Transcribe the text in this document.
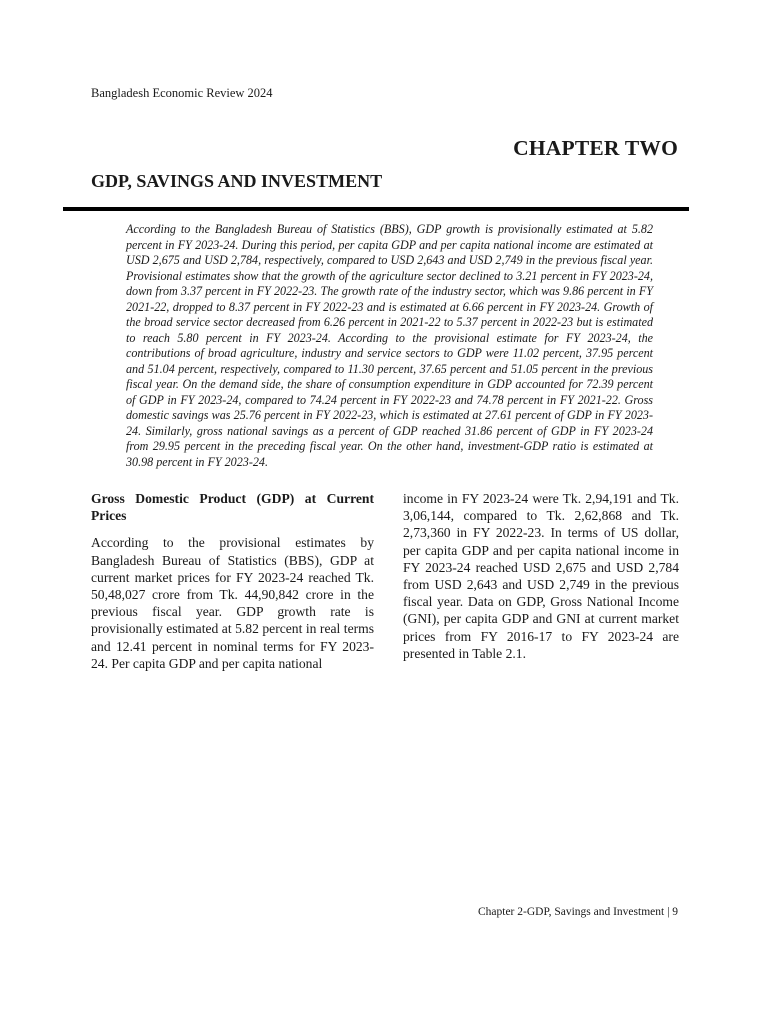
Bangladesh Economic Review 2024
CHAPTER TWO
GDP, SAVINGS AND INVESTMENT

According to the Bangladesh Bureau of Statistics (BBS), GDP growth is provisionally estimated at 5.82 percent in FY 2023-24. During this period, per capita GDP and per capita national income are estimated at USD 2,675 and USD 2,784, respectively, compared to USD 2,643 and USD 2,749 in the previous fiscal year. Provisional estimates show that the growth of the agriculture sector declined to 3.21 percent in FY 2023-24, down from 3.37 percent in FY 2022-23. The growth rate of the industry sector, which was 9.86 percent in FY 2021-22, dropped to 8.37 percent in FY 2022-23 and is estimated at 6.66 percent in FY 2023-24. Growth of the broad service sector decreased from 6.26 percent in 2021-22 to 5.37 percent in 2022-23 but is estimated to reach 5.80 percent in FY 2023-24. According to the provisional estimate for FY 2023-24, the contributions of broad agriculture, industry and service sectors to GDP were 11.02 percent, 37.95 percent and 51.04 percent, respectively, compared to 11.30 percent, 37.65 percent and 51.05 percent in the previous fiscal year. On the demand side, the share of consumption expenditure in GDP accounted for 72.39 percent of GDP in FY 2023-24, compared to 74.24 percent in FY 2022-23 and 74.78 percent in FY 2021-22. Gross domestic savings was 25.76 percent in FY 2022-23, which is estimated at 27.61 percent of GDP in FY 2023-24. Similarly, gross national savings as a percent of GDP reached 31.86 percent of GDP in FY 2023-24 from 29.95 percent in the preceding fiscal year. On the other hand, investment-GDP ratio is estimated at 30.98 percent in FY 2023-24.

Gross Domestic Product (GDP) at Current Prices

According to the provisional estimates by Bangladesh Bureau of Statistics (BBS), GDP at current market prices for FY 2023-24 reached Tk. 50,48,027 crore from Tk. 44,90,842 crore in the previous fiscal year. GDP growth rate is provisionally estimated at 5.82 percent in real terms and 12.41 percent in nominal terms for FY 2023-24. Per capita GDP and per capita national

income in FY 2023-24 were Tk. 2,94,191 and Tk. 3,06,144, compared to Tk. 2,62,868 and Tk. 2,73,360 in FY 2022-23. In terms of US dollar, per capita GDP and per capita national income in FY 2023-24 reached USD 2,675 and USD 2,784 from USD 2,643 and USD 2,749 in the previous fiscal year. Data on GDP, Gross National Income (GNI), per capita GDP and GNI at current market prices from FY 2016-17 to FY 2023-24 are presented in Table 2.1.

Chapter 2-GDP, Savings and Investment | 9
